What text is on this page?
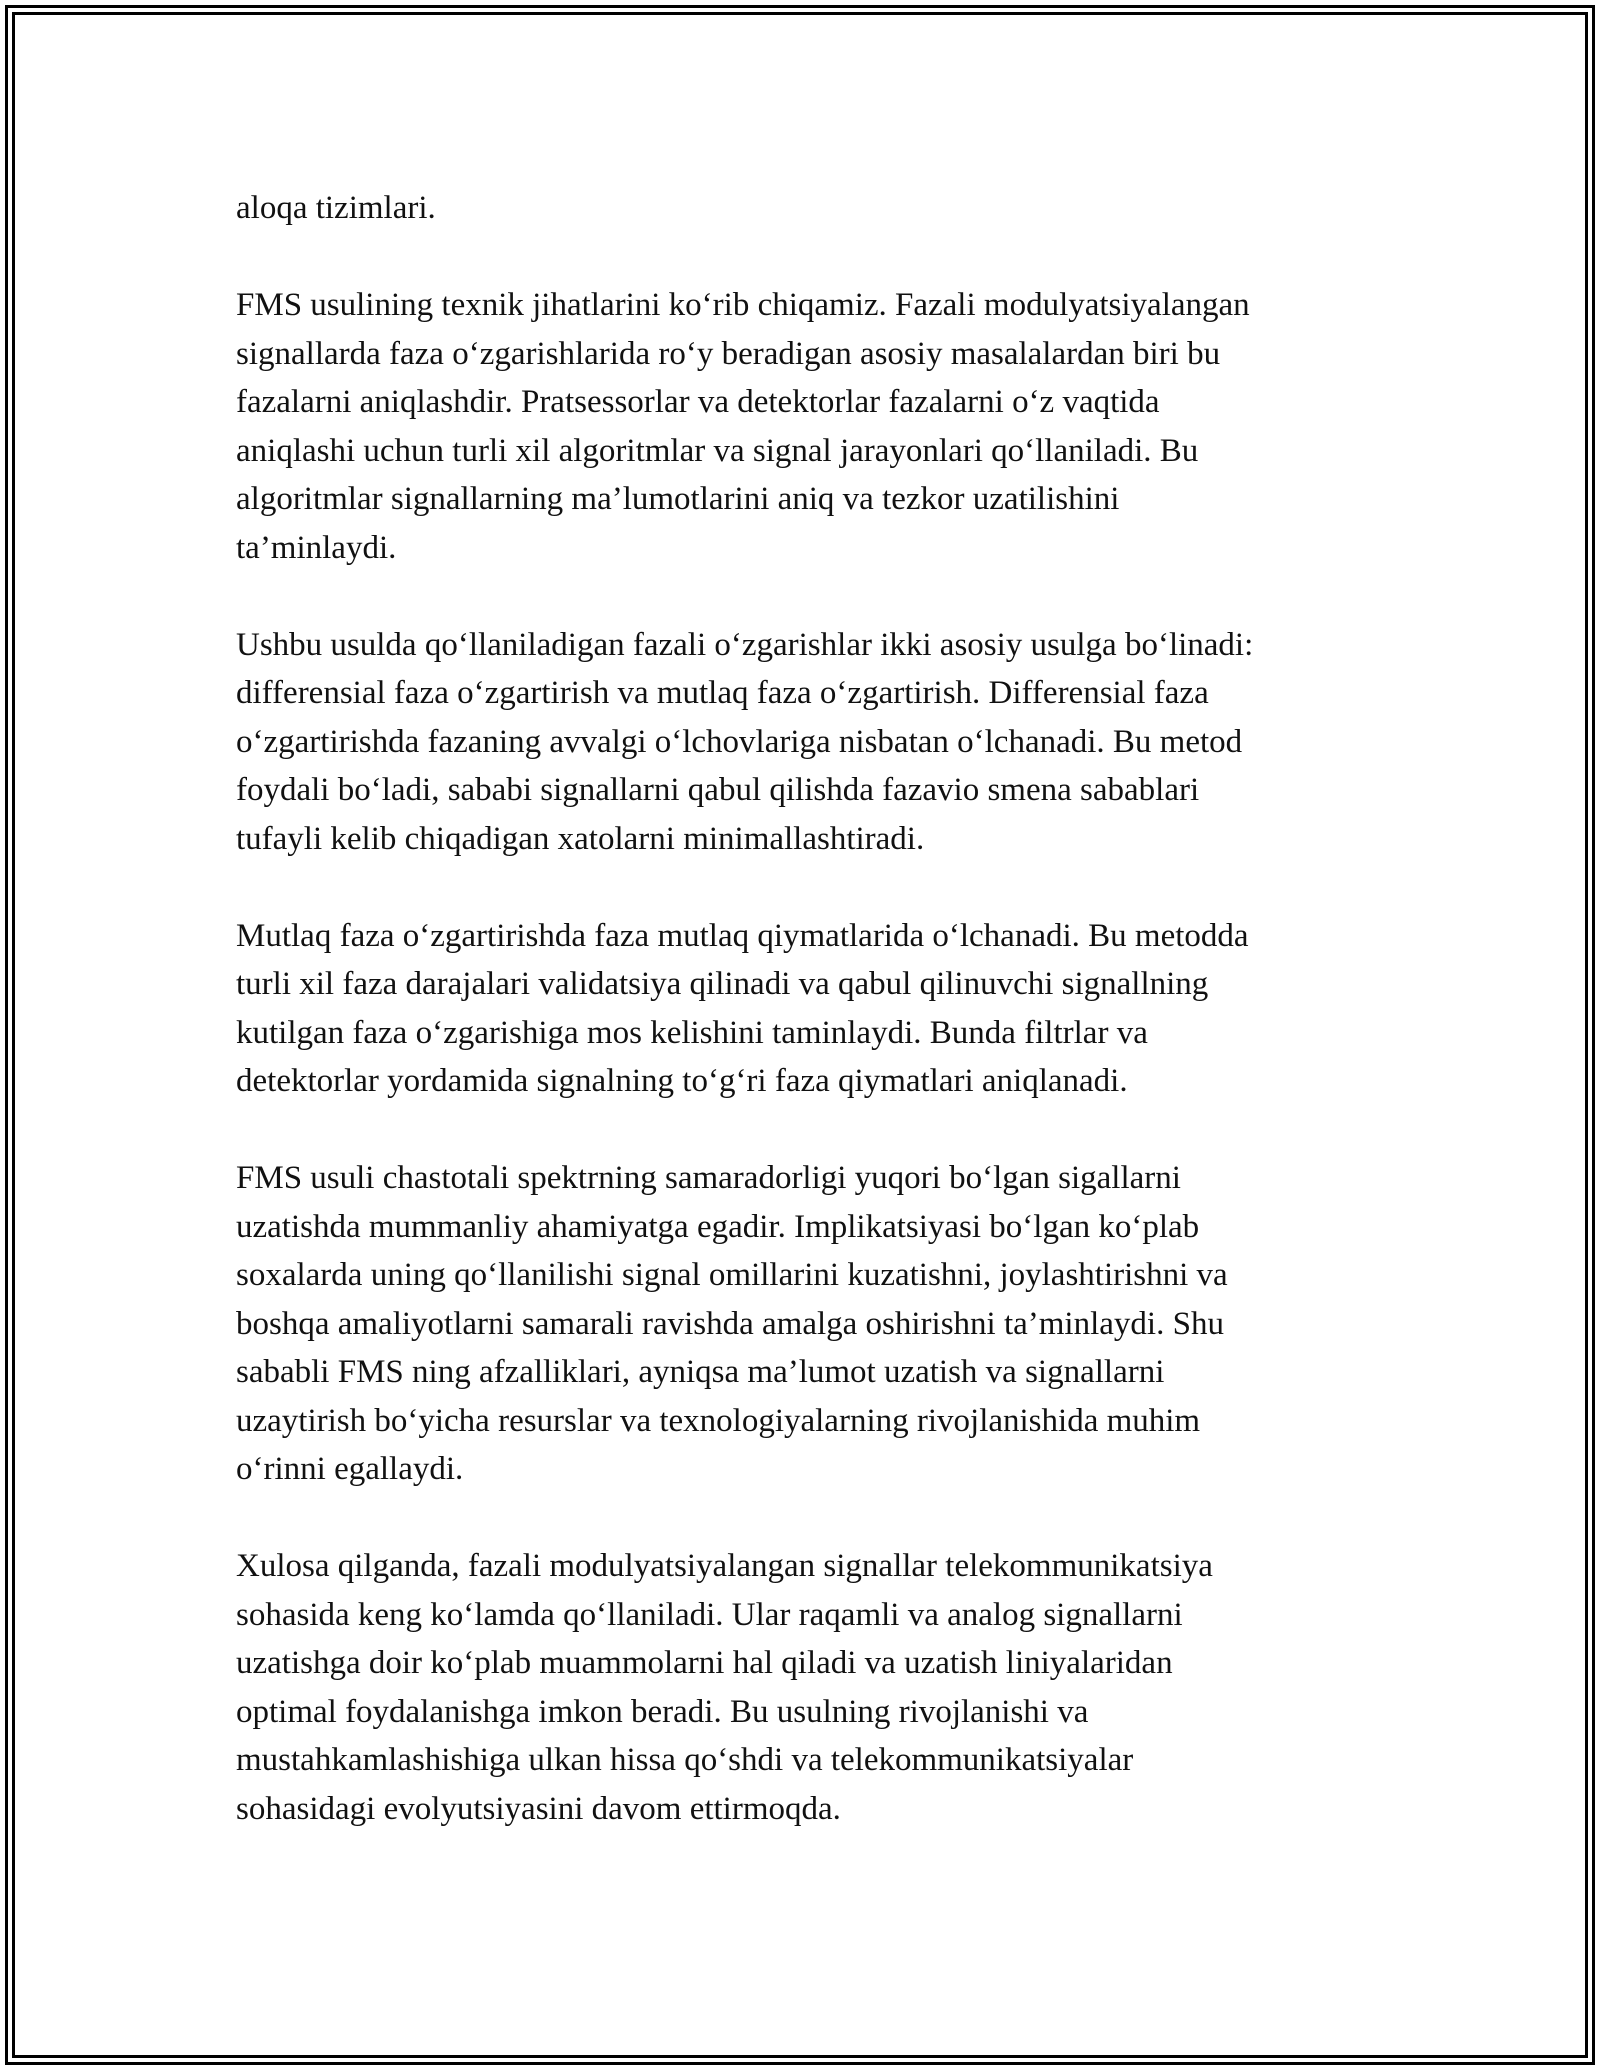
aloqa tizimlari.

FMS usulining texnik jihatlarini ko‘rib chiqamiz. Fazali modulyatsiyalangan
signallarda faza o‘zgarishlarida ro‘y beradigan asosiy masalalardan biri bu
fazalarni aniqlashdir. Pratsessorlar va detektorlar fazalarni o‘z vaqtida
aniqlashi uchun turli xil algoritmlar va signal jarayonlari qo‘llaniladi. Bu
algoritmlar signallarning ma’lumotlarini aniq va tezkor uzatilishini
ta’minlaydi.

Ushbu usulda qo‘llaniladigan fazali o‘zgarishlar ikki asosiy usulga bo‘linadi:
differensial faza o‘zgartirish va mutlaq faza o‘zgartirish. Differensial faza
o‘zgartirishda fazaning avvalgi o‘lchovlariga nisbatan o‘lchanadi. Bu metod
foydali bo‘ladi, sababi signallarni qabul qilishda fazavio smena sabablari
tufayli kelib chiqadigan xatolarni minimallashtiradi.

Mutlaq faza o‘zgartirishda faza mutlaq qiymatlarida o‘lchanadi. Bu metodda
turli xil faza darajalari validatsiya qilinadi va qabul qilinuvchi signallning
kutilgan faza o‘zgarishiga mos kelishini taminlaydi. Bunda filtrlar va
detektorlar yordamida signalning to‘g‘ri faza qiymatlari aniqlanadi.

FMS usuli chastotali spektrning samaradorligi yuqori bo‘lgan sigallarni
uzatishda mummanliy ahamiyatga egadir. Implikatsiyasi bo‘lgan ko‘plab
soxalarda uning qo‘llanilishi signal omillarini kuzatishni, joylashtirishni va
boshqa amaliyotlarni samarali ravishda amalga oshirishni ta’minlaydi. Shu
sababli FMS ning afzalliklari, ayniqsa ma’lumot uzatish va signallarni
uzaytirish bo‘yicha resurslar va texnologiyalarning rivojlanishida muhim
o‘rinni egallaydi.

Xulosa qilganda, fazali modulyatsiyalangan signallar telekommunikatsiya
sohasida keng ko‘lamda qo‘llaniladi. Ular raqamli va analog signallarni
uzatishga doir ko‘plab muammolarni hal qiladi va uzatish liniyalaridan
optimal foydalanishga imkon beradi. Bu usulning rivojlanishi va
mustahkamlashishiga ulkan hissa qo‘shdi va telekommunikatsiyalar
sohasidagi evolyutsiyasini davom ettirmoqda.
